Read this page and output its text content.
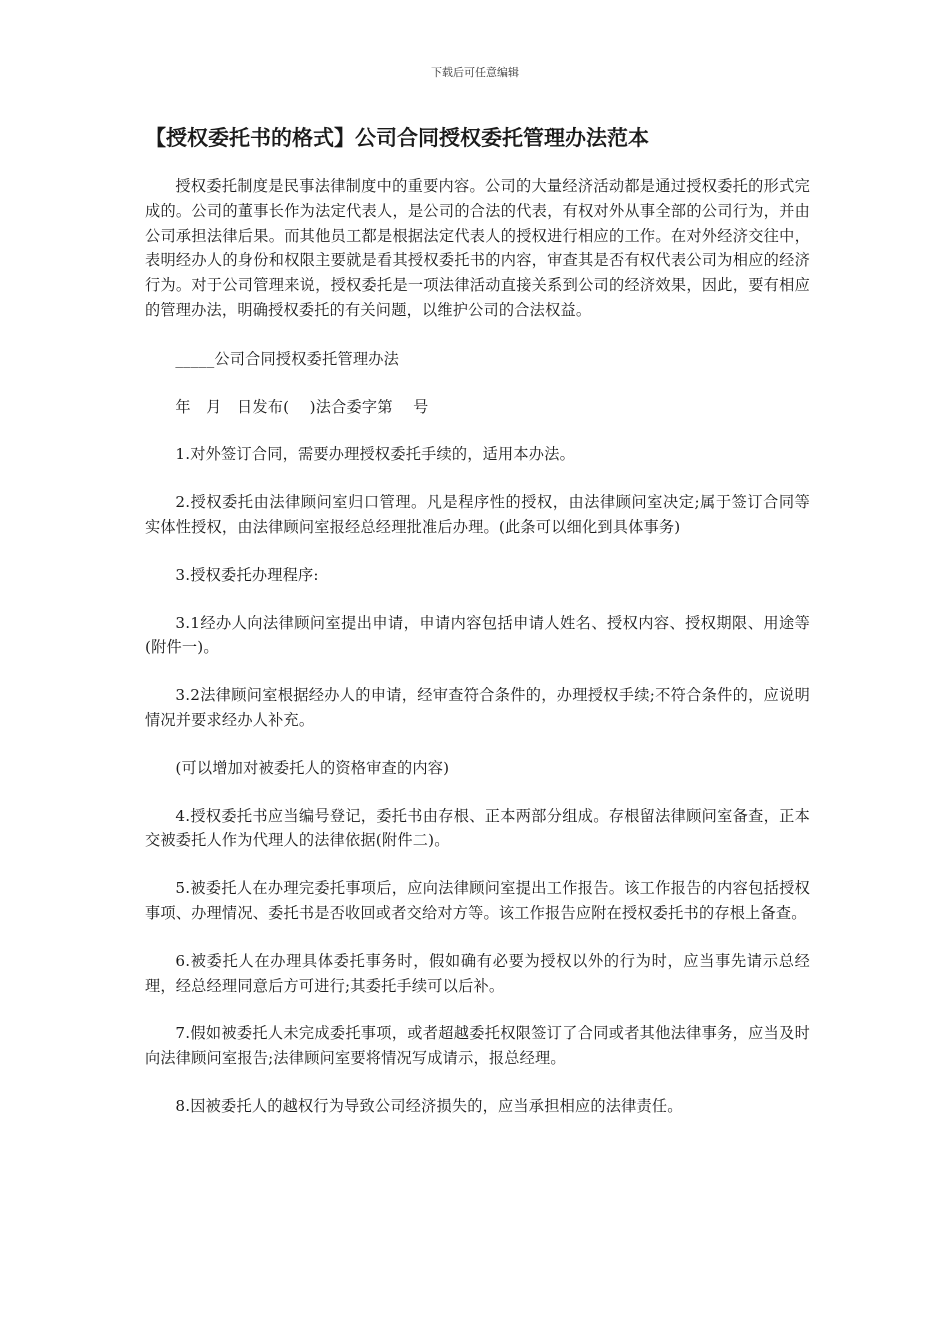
下载后可任意编辑
【授权委托书的格式】公司合同授权委托管理办法范本

授权委托制度是民事法律制度中的重要内容。公司的大量经济活动都是通过授权委托的形式完成的。公司的董事长作为法定代表人，是公司的合法的代表，有权对外从事全部的公司行为，并由公司承担法律后果。而其他员工都是根据法定代表人的授权进行相应的工作。在对外经济交往中，表明经办人的身份和权限主要就是看其授权委托书的内容，审查其是否有权代表公司为相应的经济行为。对于公司管理来说，授权委托是一项法律活动直接关系到公司的经济效果，因此，要有相应的管理办法，明确授权委托的有关问题，以维护公司的合法权益。

_____公司合同授权委托管理办法

年　月　日发布(　 )法合委字第　 号

1.对外签订合同，需要办理授权委托手续的，适用本办法。

2.授权委托由法律顾问室归口管理。凡是程序性的授权，由法律顾问室决定;属于签订合同等实体性授权，由法律顾问室报经总经理批准后办理。(此条可以细化到具体事务)

3.授权委托办理程序:

3.1经办人向法律顾问室提出申请，申请内容包括申请人姓名、授权内容、授权期限、用途等(附件一)。

3.2法律顾问室根据经办人的申请，经审查符合条件的，办理授权手续;不符合条件的，应说明情况并要求经办人补充。

(可以增加对被委托人的资格审查的内容)

4.授权委托书应当编号登记，委托书由存根、正本两部分组成。存根留法律顾问室备查，正本交被委托人作为代理人的法律依据(附件二)。

5.被委托人在办理完委托事项后，应向法律顾问室提出工作报告。该工作报告的内容包括授权事项、办理情况、委托书是否收回或者交给对方等。该工作报告应附在授权委托书的存根上备查。

6.被委托人在办理具体委托事务时，假如确有必要为授权以外的行为时，应当事先请示总经理，经总经理同意后方可进行;其委托手续可以后补。

7.假如被委托人未完成委托事项，或者超越委托权限签订了合同或者其他法律事务，应当及时向法律顾问室报告;法律顾问室要将情况写成请示，报总经理。

8.因被委托人的越权行为导致公司经济损失的，应当承担相应的法律责任。
